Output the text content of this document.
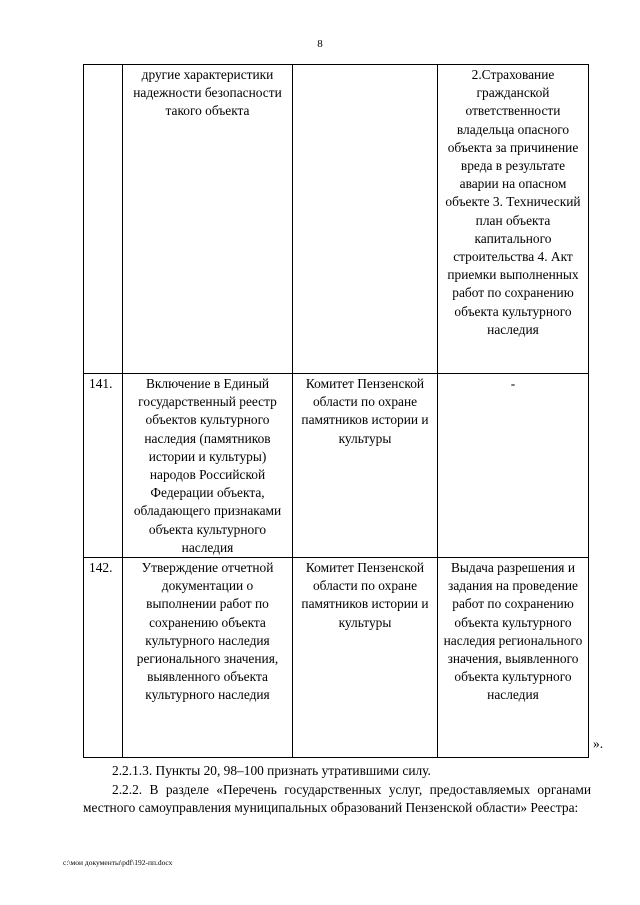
8
	другие характеристики надежности безопасности такого объекта		2.Страхование гражданской ответственности владельца опасного объекта за причинение вреда в результате аварии на опасном объекте 3. Технический план объекта капитального строительства 4. Акт приемки выполненных работ по сохранению объекта культурного наследия
141.	Включение в Единый государственный реестр объектов культурного наследия (памятников истории и культуры) народов Российской Федерации объекта, обладающего признаками объекта культурного наследия	Комитет Пензенской области по охране памятников истории и культуры	-
142.	Утверждение отчетной документации о выполнении работ по сохранению объекта культурного наследия регионального значения, выявленного объекта культурного наследия	Комитет Пензенской области по охране памятников истории и культуры	Выдача разрешения и задания на проведение работ по сохранению объекта культурного наследия регионального значения, выявленного объекта культурного наследия
».
2.2.1.3. Пункты 20, 98–100 признать утратившими силу.
2.2.2. В разделе «Перечень государственных услуг, предоставляемых органами местного самоуправления муниципальных образований Пензенской области» Реестра:
c:\мои документы\pdf\192-пп.docx
